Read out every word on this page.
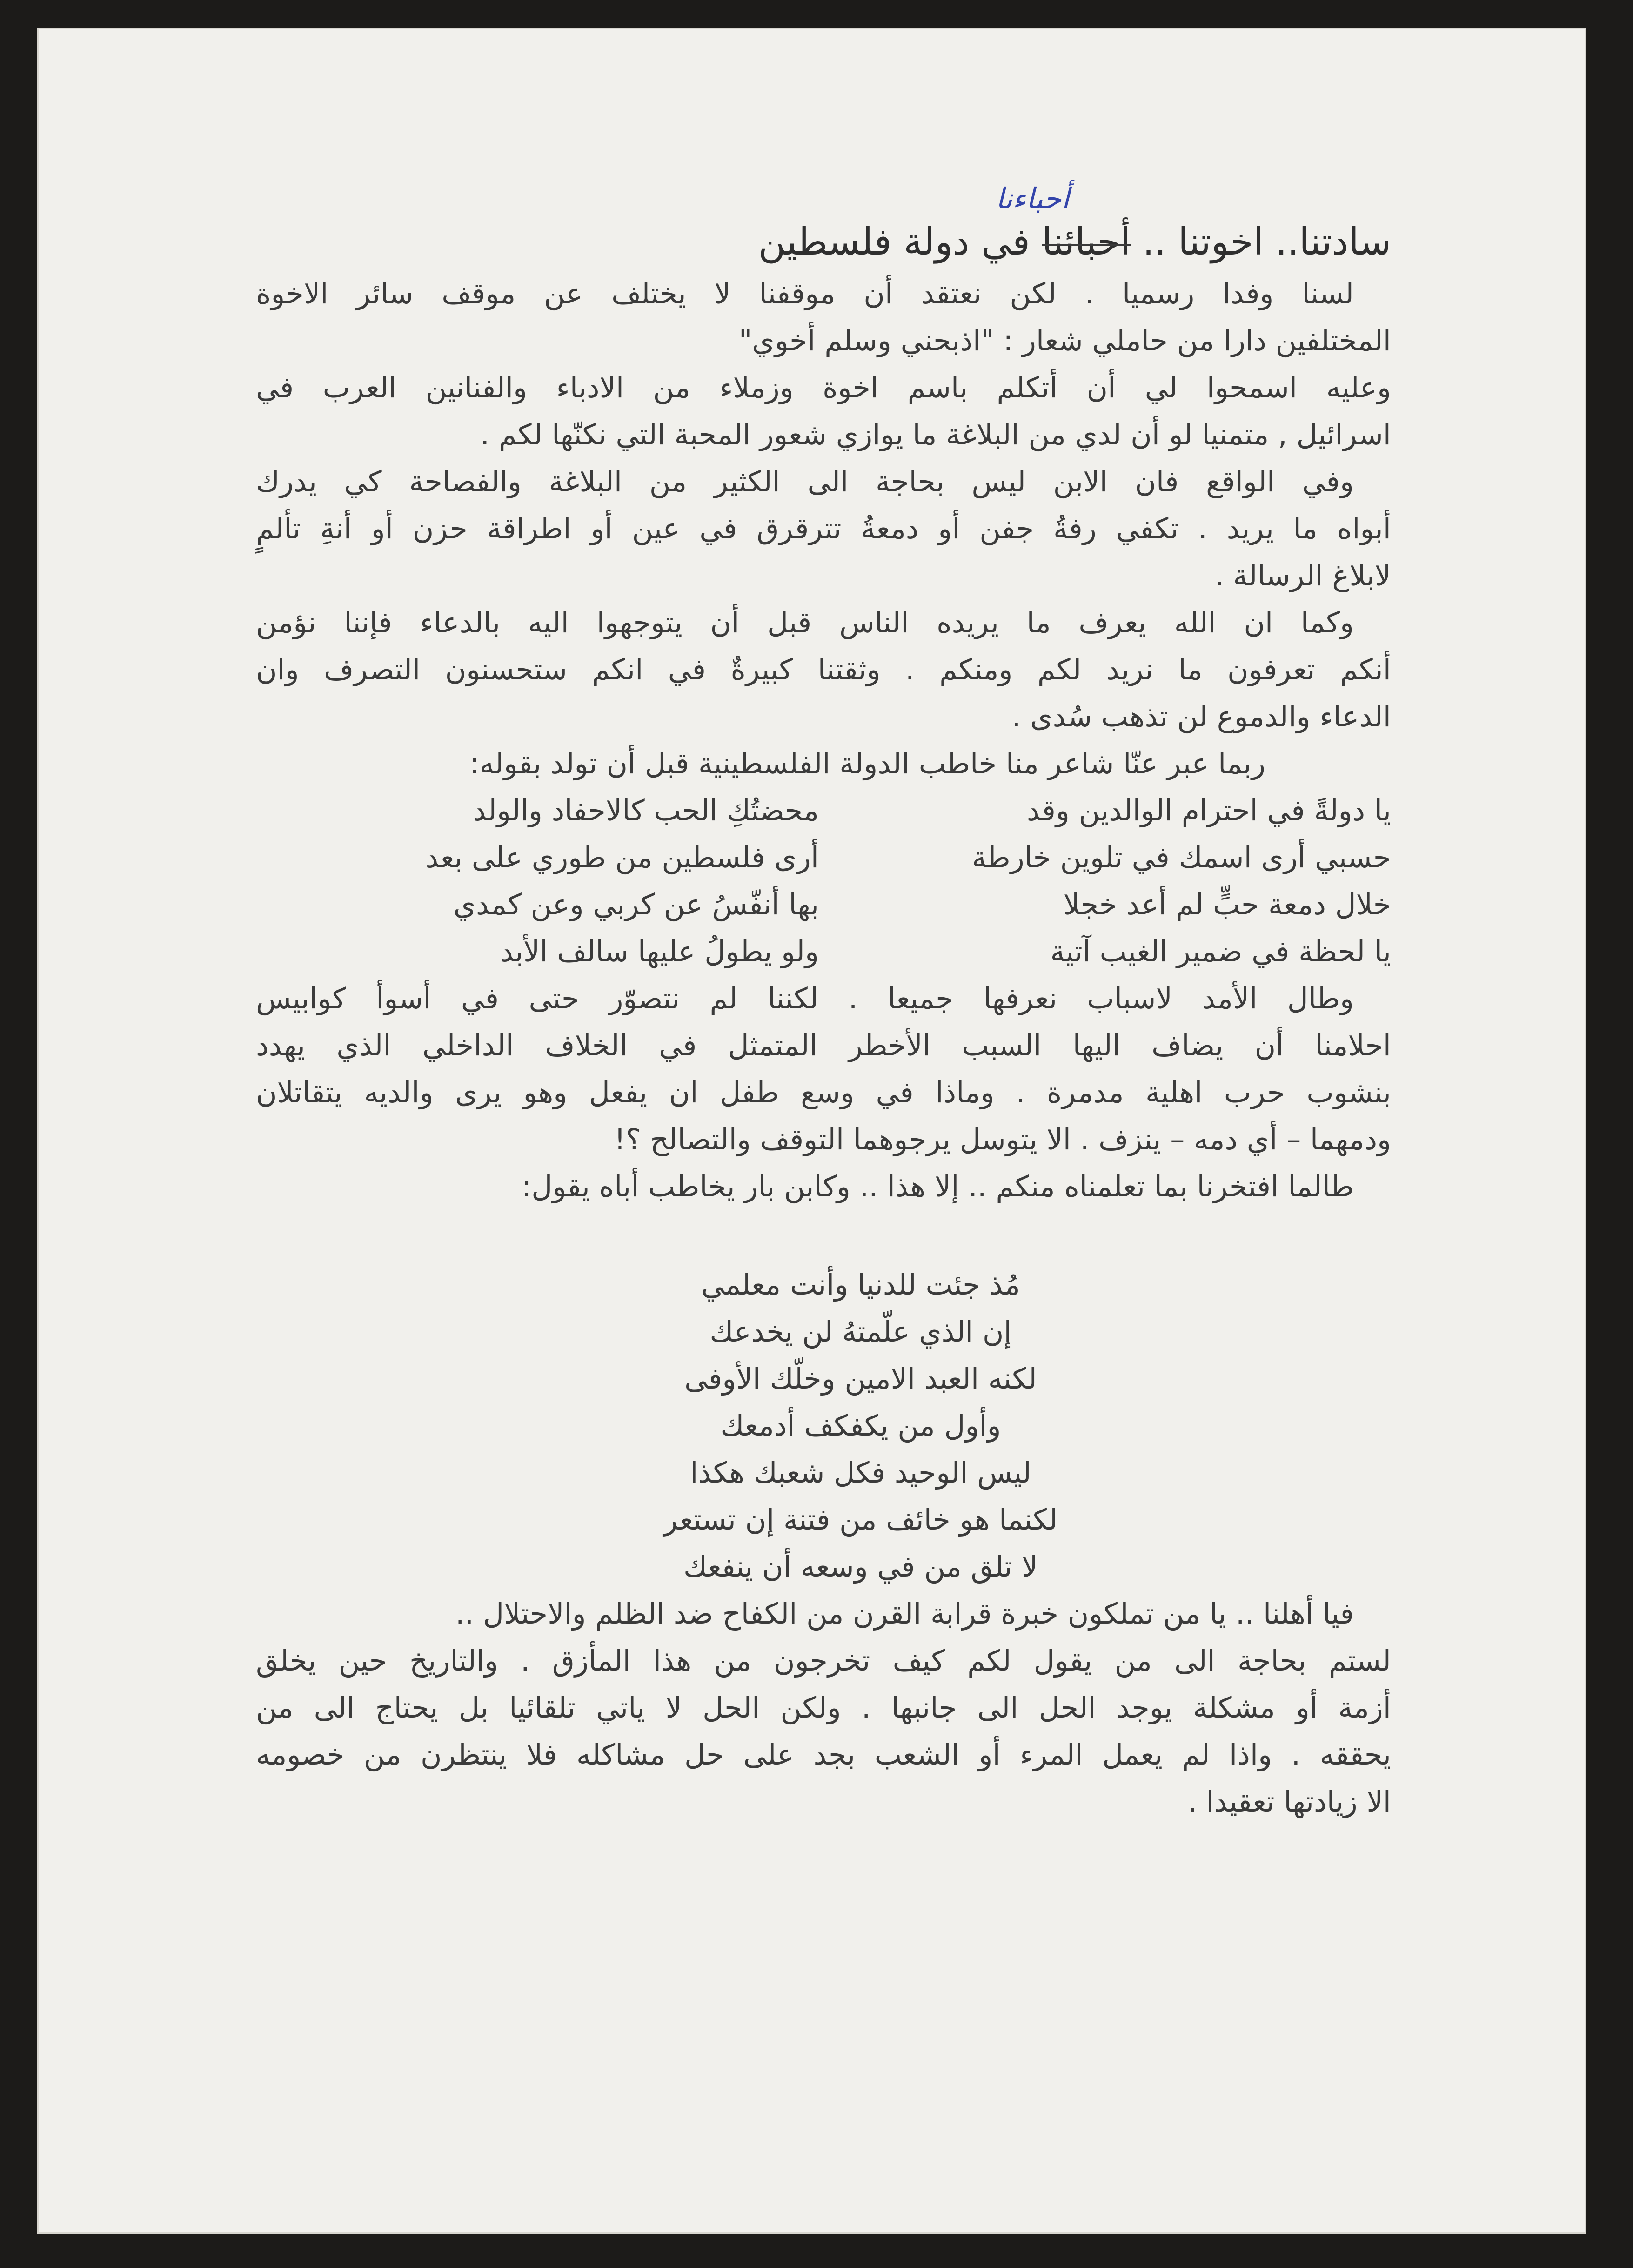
أحباءنا
سادتنا.. اخوتنا .. أحبائنا في دولة فلسطين
لسنا وفدا رسميا . لكن نعتقد أن موقفنا لا يختلف عن موقف سائر الاخوة
المختلفين دارا من حاملي شعار : "اذبحني وسلم أخوي"
وعليه اسمحوا لي أن أتكلم باسم اخوة وزملاء من الادباء والفنانين العرب في
اسرائيل , متمنيا لو أن لدي من البلاغة ما يوازي شعور المحبة التي نكنّها لكم .
وفي الواقع فان الابن ليس بحاجة الى الكثير من البلاغة والفصاحة كي يدرك
أبواه ما يريد . تكفي رفةُ جفن أو دمعةُ تترقرق في عين أو اطراقة حزن أو أنةِ تألمٍ
لابلاغ الرسالة .
وكما ان الله يعرف ما يريده الناس قبل أن يتوجهوا اليه بالدعاء فإننا نؤمن
أنكم تعرفون ما نريد لكم ومنكم . وثقتنا كبيرةٌ في انكم ستحسنون التصرف وان
الدعاء والدموع لن تذهب سُدى .
ربما عبر عنّا شاعر منا خاطب الدولة الفلسطينية قبل أن تولد بقوله:
يا دولةً في احترام الوالدين وقد
محضتُكِ الحب كالاحفاد والولد
حسبي أرى اسمك في تلوين خارطة
أرى فلسطين من طوري على بعد
خلال دمعة حبٍّ لم أعد خجلا
بها أنفّسُ عن كربي وعن كمدي
يا لحظة في ضمير الغيب آتية
ولو يطولُ عليها سالف الأبد
وطال الأمد لاسباب نعرفها جميعا . لكننا لم نتصوّر حتى في أسوأ كوابيس
احلامنا أن يضاف اليها السبب الأخطر المتمثل في الخلاف الداخلي الذي يهدد
بنشوب حرب اهلية مدمرة . وماذا في وسع طفل ان يفعل وهو يرى والديه يتقاتلان
ودمهما – أي دمه – ينزف . الا يتوسل يرجوهما التوقف والتصالح ؟!
طالما افتخرنا بما تعلمناه منكم .. إلا هذا .. وكابن بار يخاطب أباه يقول:
مُذ جئت للدنيا وأنت معلمي
إن الذي علّمتهُ لن يخدعك
لكنه العبد الامين وخلّك الأوفى
وأول من يكفكف أدمعك
ليس الوحيد فكل شعبك هكذا
لكنما هو خائف من فتنة إن تستعر
لا تلق من في وسعه أن ينفعك
فيا أهلنا .. يا من تملكون خبرة قرابة القرن من الكفاح ضد الظلم والاحتلال ..
لستم بحاجة الى من يقول لكم كيف تخرجون من هذا المأزق . والتاريخ حين يخلق
أزمة أو مشكلة يوجد الحل الى جانبها . ولكن الحل لا ياتي تلقائيا بل يحتاج الى من
يحققه . واذا لم يعمل المرء أو الشعب بجد على حل مشاكله فلا ينتظرن من خصومه
الا زيادتها تعقيدا .
